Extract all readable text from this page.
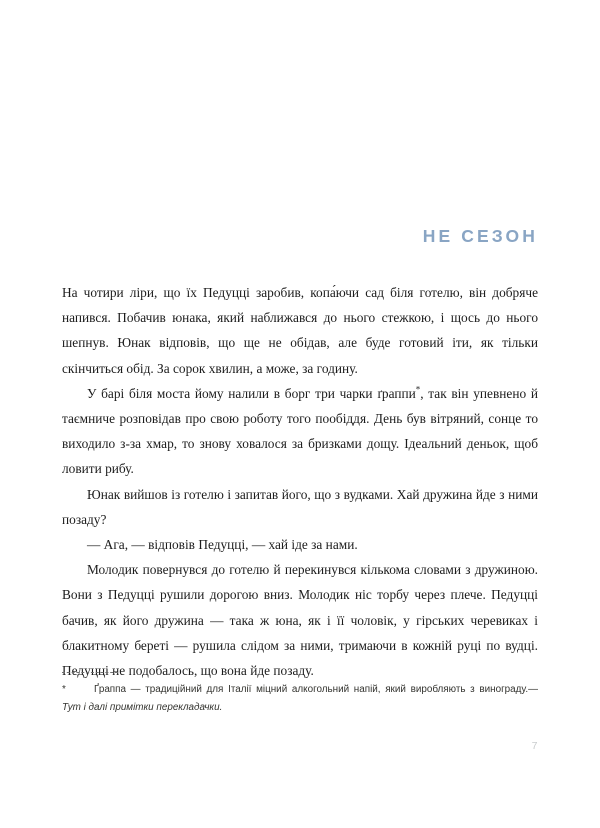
НЕ СЕЗОН

На чотири ліри, що їх Педуцці заробив, копа́ючи сад біля готелю, він добряче напився. Побачив юнака, який наближався до нього стежкою, і щось до нього шепнув. Юнак відповів, що ще не обідав, але буде готовий іти, як тільки скінчиться обід. За сорок хвилин, а може, за годину.

У барі біля моста йому налили в борг три чарки ґраппи*, так він упевнено й таємниче розповідав про свою роботу того пообіддя. День був вітряний, сонце то виходило з-за хмар, то знову ховалося за бризками дощу. Ідеальний деньок, щоб ловити рибу.

Юнак вийшов із готелю і запитав його, що з вудками. Хай дружина йде з ними позаду?

— Ага, — відповів Педуцці, — хай іде за нами.

Молодик повернувся до готелю й перекинувся кількома словами з дружиною. Вони з Педуцці рушили дорогою вниз. Молодик ніс торбу через плече. Педуцці бачив, як його дружина — така ж юна, як і її чоловік, у гірських черевиках і блакитному береті — рушила слідом за ними, тримаючи в кожній руці по вудці. Педуцці не подобалось, що вона йде позаду.

*	Ґраппа — традиційний для Італії міцний алкогольний напій, який виробляють з винограду.— Тут і далі примітки перекладачки.
7
